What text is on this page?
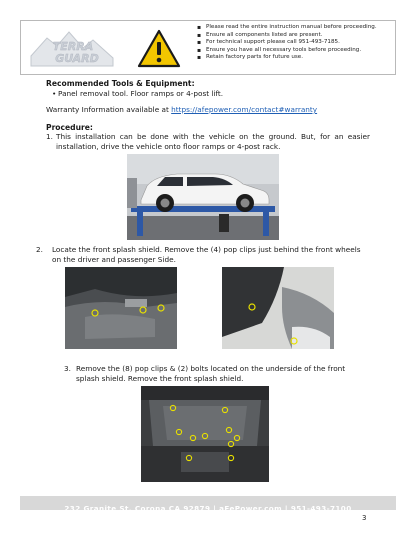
TERRA
GUARD
▪ Please read the entire instruction manual before proceeding.
▪ Ensure all components listed are present.
▪ For technical support please call 951-493-7185.
▪ Ensure you have all necessary tools before proceeding.
▪ Retain factory parts for future use.
Recommended Tools & Equipment:
• Panel removal tool. Floor ramps or 4-post lift.
Warranty Information available at https://afepower.com/contact#warranty
Procedure:
1. This installation can be done with the vehicle on the ground. But, for an easier installation, drive the vehicle onto floor ramps or 4-post rack.
2. Locate the front splash shield. Remove the (4) pop clips just behind the front wheels on the driver and passenger Side.
3. Remove the (8) pop clips & (2) bolts located on the underside of the front splash shield. Remove the front splash shield.
232 Granite St. Corona CA 92879 | aFePower.com | 951-493-7100
3
